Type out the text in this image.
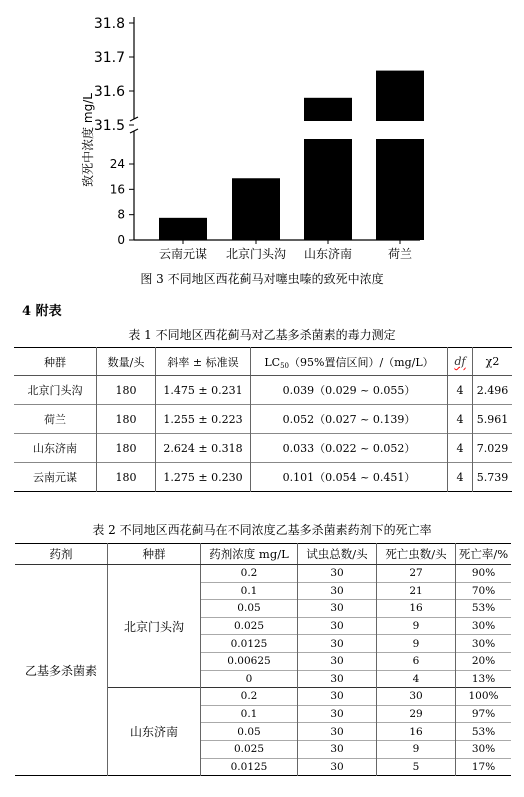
0
8
16
24
31.5
31.6
31.7
31.8
云南元谋 北京门头沟 山东济南	荷兰
致死中浓度 mg/L
图 3 不同地区西花蓟马对噻虫嗪的致死中浓度
4 附表
表 1 不同地区西花蓟马对乙基多杀菌素的毒力测定
种群	数量/头	斜率 ± 标准误	LC50（95%置信区间）/（mg/L）	df	χ2
北京门头沟	180	1.475 ± 0.231	0.039（0.029 ~ 0.055）	4	2.496
荷兰	180	1.255 ± 0.223	0.052（0.027 ~ 0.139）	4	5.961
山东济南	180	2.624 ± 0.318	0.033（0.022 ~ 0.052）	4	7.029
云南元谋	180	1.275 ± 0.230	0.101（0.054 ~ 0.451）	4	5.739
表 2 不同地区西花蓟马在不同浓度乙基多杀菌素药剂下的死亡率
药剂	种群	药剂浓度 mg/L	试虫总数/头	死亡虫数/头	死亡率/%
乙基多杀菌素	北京门头沟	0.2	30	27	90%
		0.1	30	21	70%
		0.05	30	16	53%
		0.025	30	9	30%
		0.0125	30	9	30%
		0.00625	30	6	20%
		0	30	4	13%
	山东济南	0.2	30	30	100%
		0.1	30	29	97%
		0.05	30	16	53%
		0.025	30	9	30%
		0.0125	30	5	17%
